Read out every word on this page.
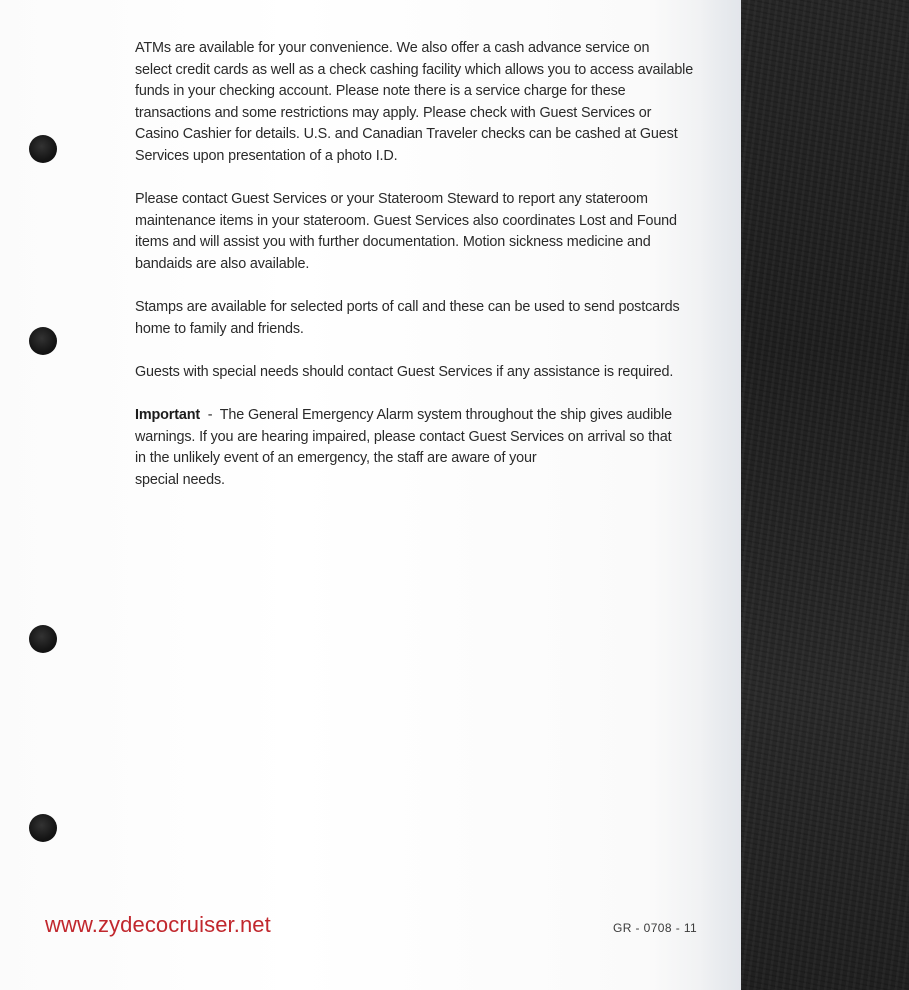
ATMs are available for your convenience. We also offer a cash advance service on
select credit cards as well as a check cashing facility which allows you to access available
funds in your checking account. Please note there is a service charge for these
transactions and some restrictions may apply. Please check with Guest Services or
Casino Cashier for details. U.S. and Canadian Traveler checks can be cashed at Guest
Services upon presentation of a photo I.D.

Please contact Guest Services or your Stateroom Steward to report any stateroom
maintenance items in your stateroom. Guest Services also coordinates Lost and Found
items and will assist you with further documentation. Motion sickness medicine and
bandaids are also available.

Stamps are available for selected ports of call and these can be used to send postcards
home to family and friends.

Guests with special needs should contact Guest Services if any assistance is required.

Important  -  The General Emergency Alarm system throughout the ship gives audible
warnings. If you are hearing impaired, please contact Guest Services on arrival so that
in the unlikely event of an emergency, the staff are aware of your
special needs.

www.zydecocruiser.net	GR - 0708 - 11
